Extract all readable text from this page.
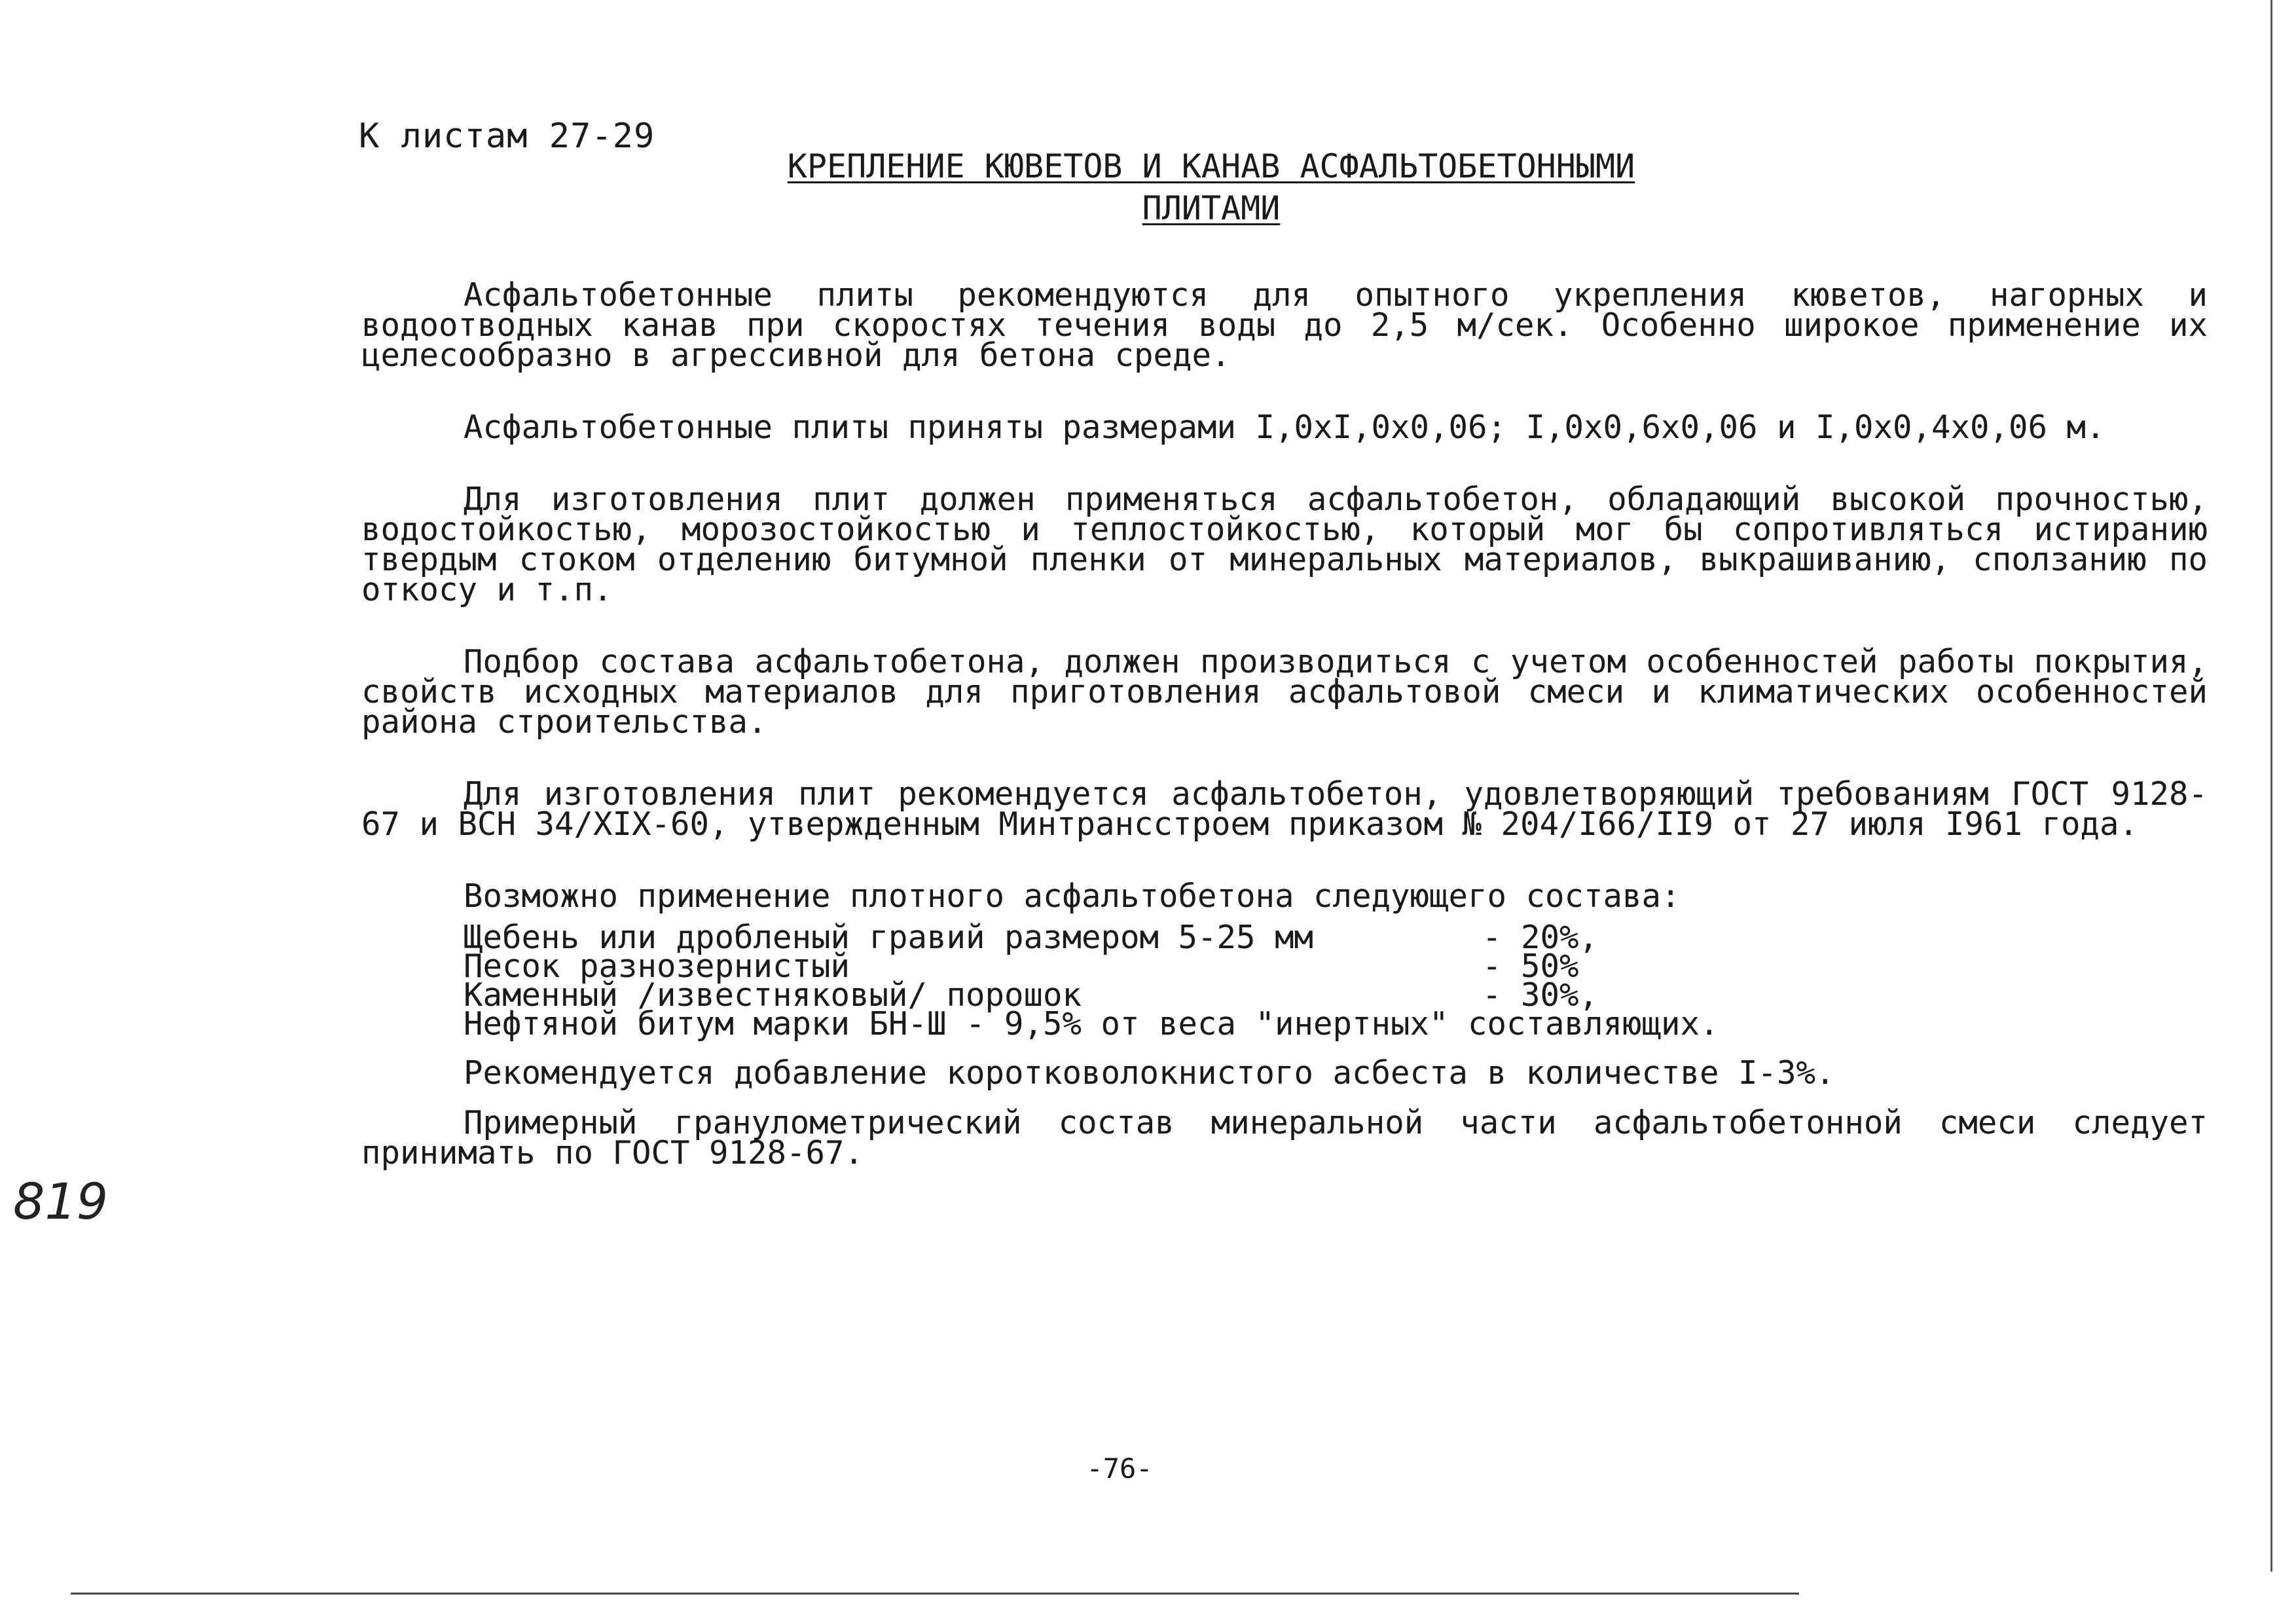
К листам 27-29
КРЕПЛЕНИЕ КЮВЕТОВ И КАНАВ АСФАЛЬТОБЕТОННЫМИ
ПЛИТАМИ

Асфальтобетонные плиты рекомендуются для опытного укрепления кюветов, нагорных и водоотводных канав при скоростях течения воды до 2,5 м/сек. Особенно широкое применение их целесообразно в агрессивной для бетона среде.

Асфальтобетонные плиты приняты размерами I,0хI,0х0,06; I,0х0,6х0,06 и I,0х0,4х0,06 м.

Для изготовления плит должен применяться асфальтобетон, обладающий высокой прочностью, водостойкостью, морозостойкостью и теплостойкостью, который мог бы сопротивляться истиранию твердым стоком отделению битумной пленки от минеральных материалов, выкрашиванию, сползанию по откосу и т.п.

Подбор состава асфальтобетона, должен производиться с учетом особенностей работы покрытия, свойств исходных материалов для приготовления асфальтовой смеси и климатических особенностей района строительства.

Для изготовления плит рекомендуется асфальтобетон, удовлетворяющий требованиям ГОСТ 9128-67 и ВСН 34/XIX-60, утвержденным Минтрансстроем приказом № 204/I66/II9 от 27 июля I961 года.

Возможно применение плотного асфальтобетона следующего состава:
Щебень или дробленый гравий размером 5-25 мм	- 20%,
Песок разнозернистый	- 50%
Каменный /известняковый/ порошок	- 30%,
Нефтяной битум марки БН-Ш - 9,5% от веса "инертных" составляющих.
Рекомендуется добавление коротковолокнистого асбеста в количестве I-3%.

Примерный гранулометрический состав минеральной части асфальтобетонной смеси следует принимать по ГОСТ 9128-67.

819
-76-
